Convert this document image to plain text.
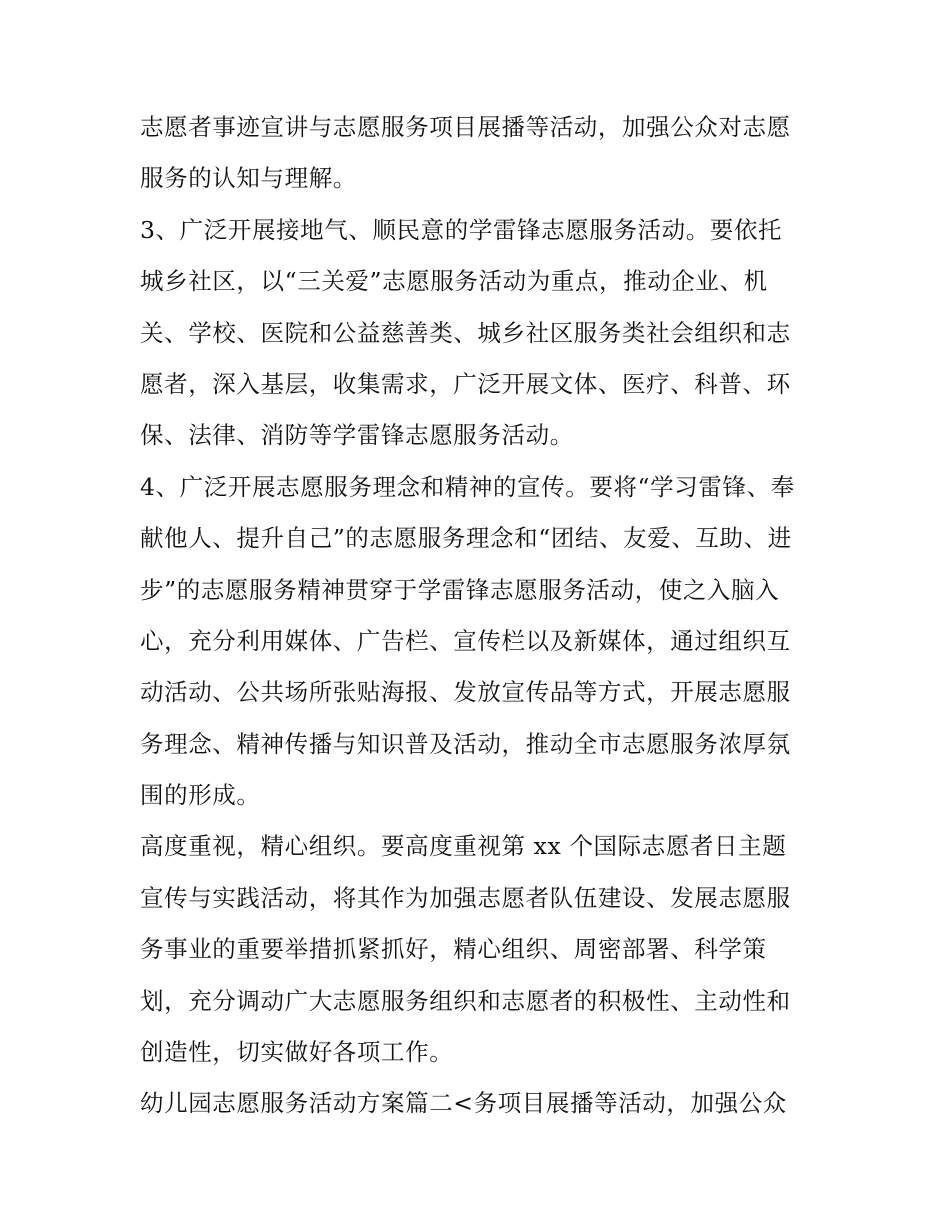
志愿者事迹宣讲与志愿服务项目展播等活动，加强公众对志愿
服务的认知与理解。
3、广泛开展接地气、顺民意的学雷锋志愿服务活动。要依托
城乡社区，以“三关爱”志愿服务活动为重点，推动企业、机
关、学校、医院和公益慈善类、城乡社区服务类社会组织和志
愿者，深入基层，收集需求，广泛开展文体、医疗、科普、环
保、法律、消防等学雷锋志愿服务活动。
4、广泛开展志愿服务理念和精神的宣传。要将“学习雷锋、奉
献他人、提升自己”的志愿服务理念和“团结、友爱、互助、进
步”的志愿服务精神贯穿于学雷锋志愿服务活动，使之入脑入
心，充分利用媒体、广告栏、宣传栏以及新媒体，通过组织互
动活动、公共场所张贴海报、发放宣传品等方式，开展志愿服
务理念、精神传播与知识普及活动，推动全市志愿服务浓厚氛
围的形成。
高度重视，精心组织。要高度重视第 xx 个国际志愿者日主题
宣传与实践活动，将其作为加强志愿者队伍建设、发展志愿服
务事业的重要举措抓紧抓好，精心组织、周密部署、科学策
划，充分调动广大志愿服务组织和志愿者的积极性、主动性和
创造性，切实做好各项工作。
幼儿园志愿服务活动方案篇二<务项目展播等活动，加强公众
